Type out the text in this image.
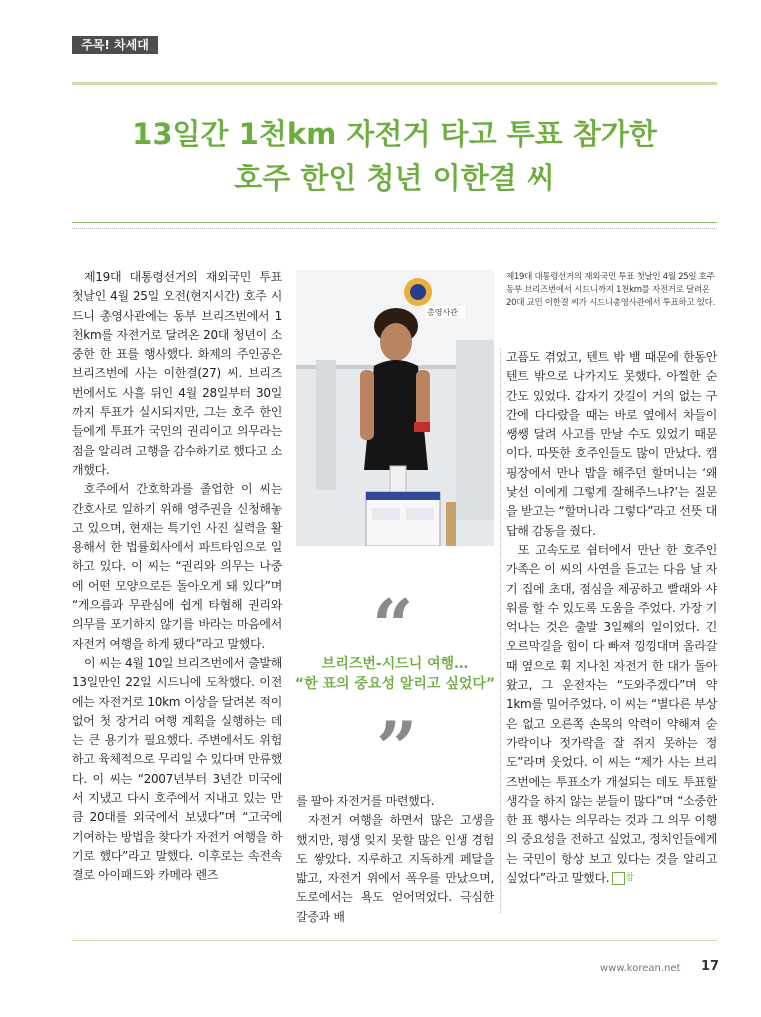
주목! 차세대
13일간 1천km 자전거 타고 투표 참가한
호주 한인 청년 이한결 씨

제19대 대통령선거의 재외국민 투표 첫날인 4월 25일 오전(현지시간) 호주 시드니 총영사관에는 동부 브리즈번에서 1천km를 자전거로 달려온 20대 청년이 소중한 한 표를 행사했다. 화제의 주인공은 브리즈번에 사는 이한결(27) 씨. 브리즈번에서도 사흘 뒤인 4월 28일부터 30일까지 투표가 실시되지만, 그는 호주 한인들에게 투표가 국민의 권리이고 의무라는 점을 알리려 고행을 감수하기로 했다고 소개했다.

호주에서 간호학과를 졸업한 이 씨는 간호사로 일하기 위해 영주권을 신청해놓고 있으며, 현재는 특기인 사진 실력을 활용해서 한 법률회사에서 파트타임으로 일하고 있다. 이 씨는 “권리와 의무는 나중에 어떤 모양으로든 돌아오게 돼 있다”며 “게으름과 무관심에 쉽게 타협해 권리와 의무를 포기하지 않기를 바라는 마음에서 자전거 여행을 하게 됐다”라고 말했다.

이 씨는 4월 10일 브리즈번에서 출발해 13일만인 22일 시드니에 도착했다. 이전에는 자전거로 10km 이상을 달려본 적이 없어 첫 장거리 여행 계획을 실행하는 데는 큰 용기가 필요했다. 주변에서도 위험하고 육체적으로 무리일 수 있다며 만류했다. 이 씨는 “2007년부터 3년간 미국에서 지냈고 다시 호주에서 지내고 있는 만큼 20대를 외국에서 보냈다”며 “고국에 기여하는 방법을 찾다가 자전거 여행을 하기로 했다”라고 말했다. 이후로는 속전속결로 아이패드와 카메라 렌즈

총영사관
제19대 대통령선거의 재외국민 투표 첫날인 4월 25일 호주 동부 브리즈번에서 시드니까지 1천km를 자전거로 달려온 20대 교민 이한결 씨가 시드니총영사관에서 투표하고 있다.
“
브리즈번-시드니 여행…
“한 표의 중요성 알리고 싶었다”
”

를 팔아 자전거를 마련했다.

자전거 여행을 하면서 많은 고생을 했지만, 평생 잊지 못할 많은 인생 경험도 쌓았다. 지루하고 지독하게 페달을 밟고, 자전거 위에서 폭우를 만났으며, 도로에서는 욕도 얻어먹었다. 극심한 갈증과 배

고픔도 겪었고, 텐트 밖 뱀 때문에 한동안 텐트 밖으로 나가지도 못했다. 아찔한 순간도 있었다. 갑자기 갓길이 거의 없는 구간에 다다랐을 때는 바로 옆에서 차들이 쌩쌩 달려 사고를 만날 수도 있었기 때문이다. 따뜻한 호주인들도 많이 만났다. 캠핑장에서 만나 밥을 해주던 할머니는 ‘왜 낯선 이에게 그렇게 잘해주느냐?’는 질문을 받고는 “할머니라 그렇다”라고 선뜻 대답해 감동을 줬다.

또 고속도로 쉼터에서 만난 한 호주인 가족은 이 씨의 사연을 듣고는 다음 날 자기 집에 초대, 점심을 제공하고 빨래와 샤워를 할 수 있도록 도움을 주었다. 가장 기억나는 것은 출발 3일째의 일이었다. 긴 오르막길을 힘이 다 빠져 낑낑대며 올라갈 때 옆으로 휙 지나친 자전거 한 대가 돌아왔고, 그 운전자는 “도와주겠다”며 약 1km를 밀어주었다. 이 씨는 “별다른 부상은 없고 오른쪽 손목의 악력이 약해져 숟가락이나 젓가락을 잘 쥐지 못하는 정도”라며 웃었다. 이 씨는 “제가 사는 브리즈번에는 투표소가 개설되는 데도 투표할 생각을 하지 않는 분들이 많다”며 “소중한 한 표 행사는 의무라는 것과 그 의무 이행의 중요성을 전하고 싶었고, 정치인들에게는 국민이 항상 보고 있다는 것을 알리고 싶었다”라고 말했다. 참

www.korean.net 17
